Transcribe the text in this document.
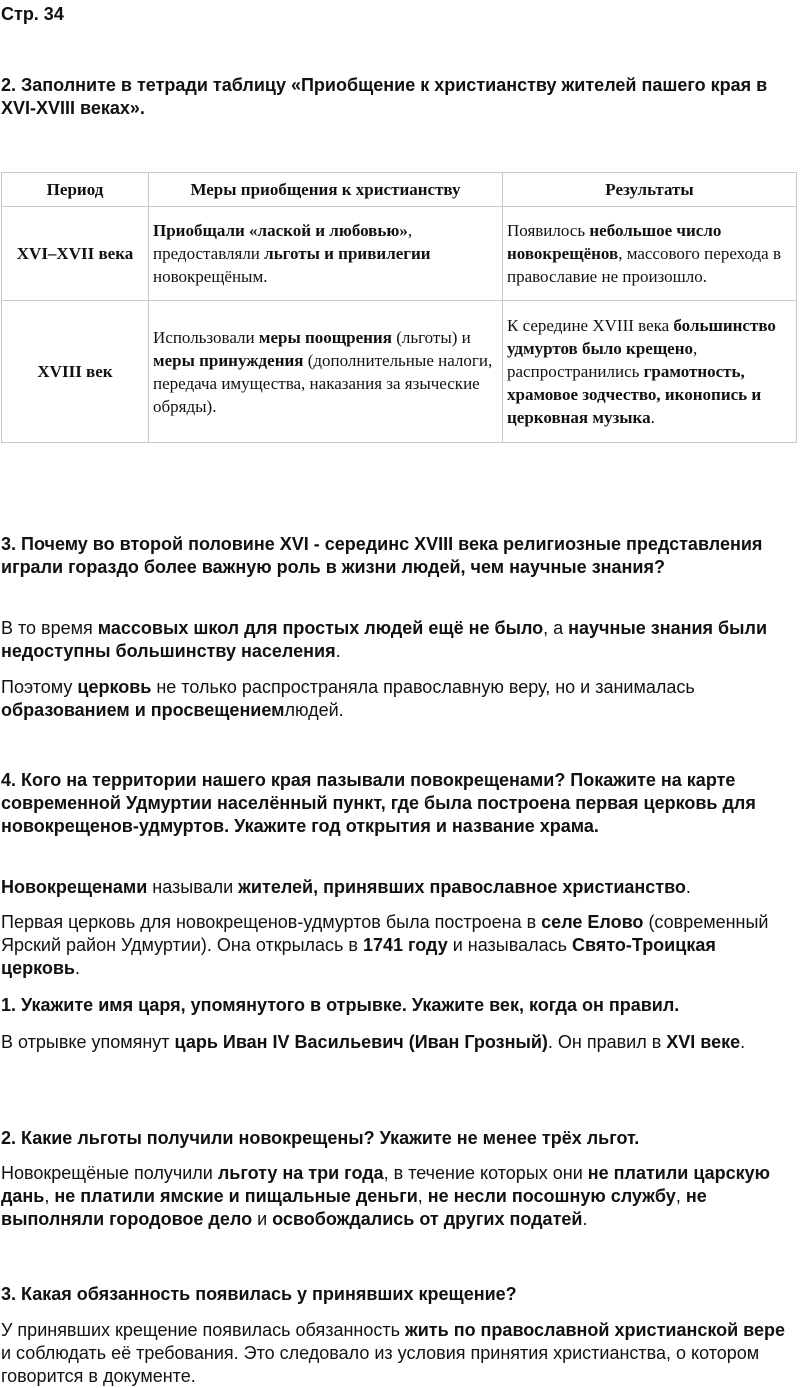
Стр. 34
2. Заполните в тетради таблицу «Приобщение к христианству жителей пашего края в XVI-XVIII веках».
Период	Меры приобщения к христианству	Результаты
XVI–XVII века	Приобщали «лаской и любовью», предоставляли льготы и привилегии новокрещёным.	Появилось небольшое число новокрещёнов, массового перехода в православие не произошло.
XVIII век	Использовали меры поощрения (льготы) и меры принуждения (дополнительные налоги, передача имущества, наказания за языческие обряды).	К середине XVIII века большинство удмуртов было крещено, распространились грамотность, храмовое зодчество, иконопись и церковная музыка.
3. Почему во второй половине XVI - серединс XVIII века религиозные представления играли гораздо более важную роль в жизни людей, чем научные знания?
В то время массовых школ для простых людей ещё не было, а научные знания были недоступны большинству населения.
Поэтому церковь не только распространяла православную веру, но и занималась образованием и просвещениемлюдей.
4. Кого на территории нашего края пазывали повокрещенами? Покажите на карте современной Удмуртии населённый пункт, где была построена первая церковь для новокрещенов-удмуртов. Укажите год открытия и название храма.
Новокрещенами называли жителей, принявших православное христианство.
Первая церковь для новокрещенов-удмуртов была построена в селе Елово (современный Ярский район Удмуртии). Она открылась в 1741 году и называлась Свято-Троицкая церковь.
1. Укажите имя царя, упомянутого в отрывке. Укажите век, когда он правил.
В отрывке упомянут царь Иван IV Васильевич (Иван Грозный). Он правил в XVI веке.
2. Какие льготы получили новокрещены? Укажите не менее трёх льгот.
Новокрещёные получили льготу на три года, в течение которых они не платили царскую дань, не платили ямские и пищальные деньги, не несли посошную службу, не выполняли городовое дело и освобождались от других податей.
3. Какая обязанность появилась у принявших крещение?
У принявших крещение появилась обязанность жить по православной христианской вере и соблюдать её требования. Это следовало из условия принятия христианства, о котором говорится в документе.
